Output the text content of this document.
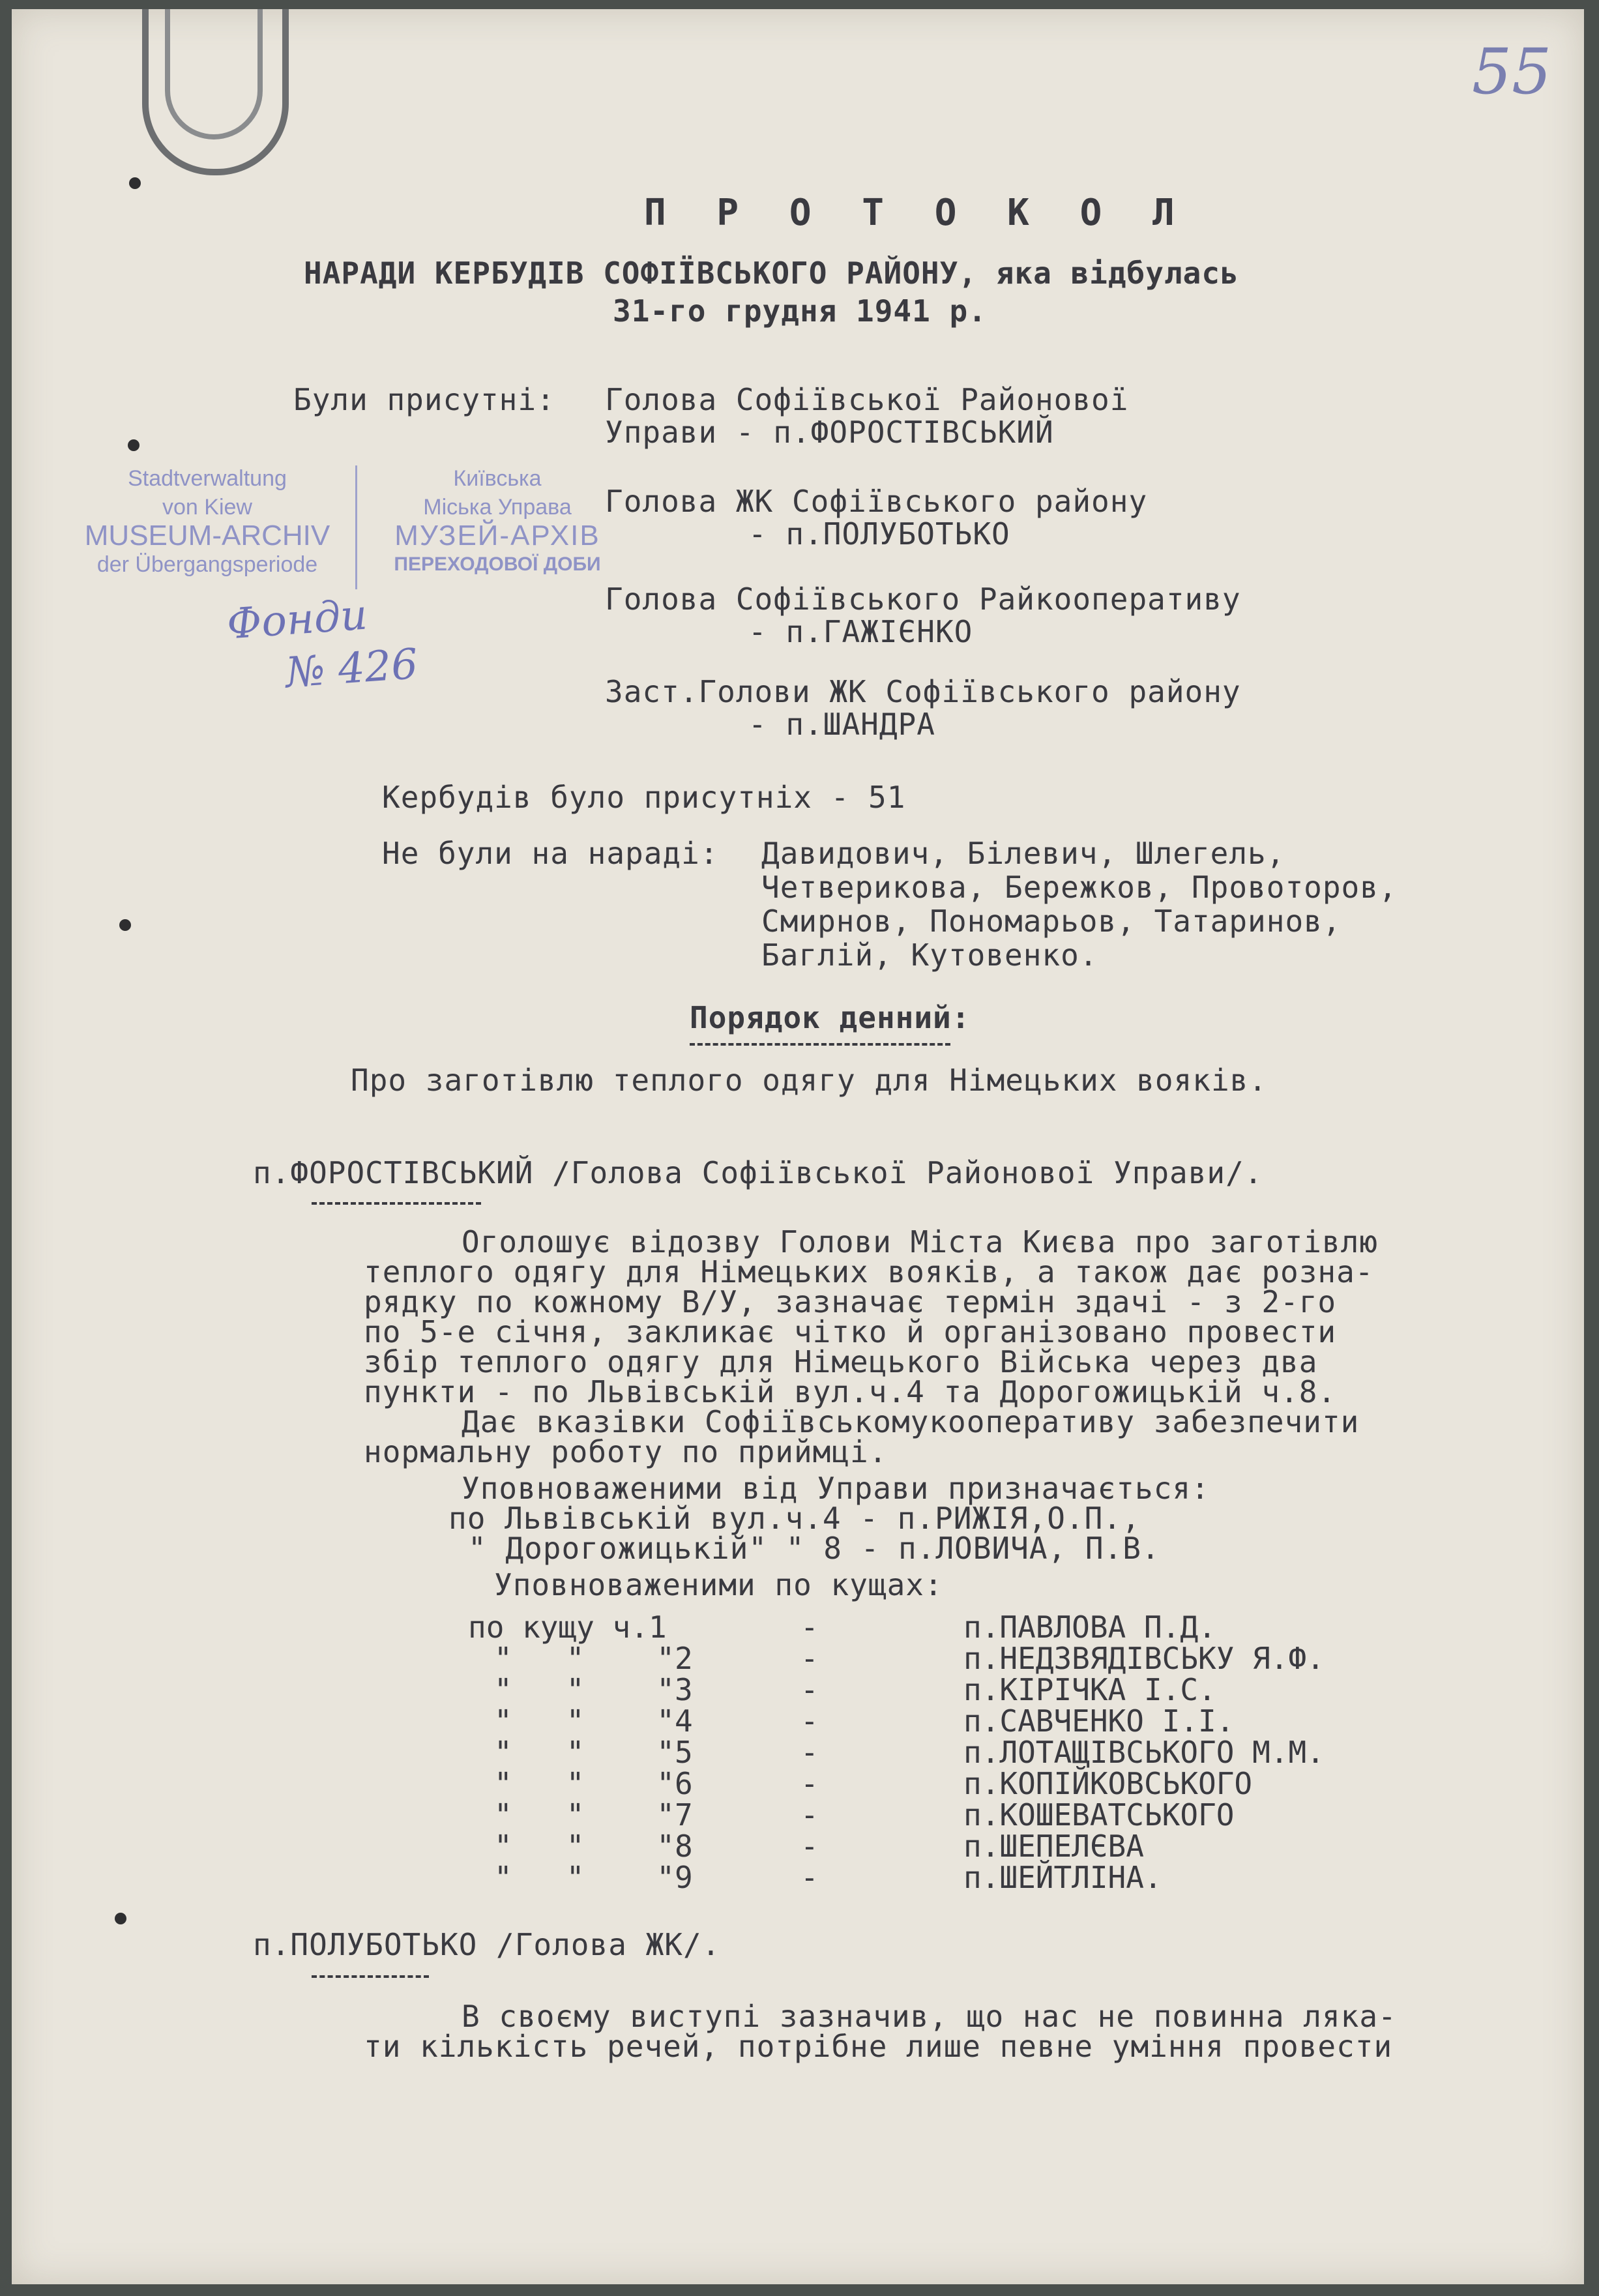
55
П Р О Т О К О Л
НАРАДИ КЕРБУДІВ СОФІЇВСЬКОГО РАЙОНУ, яка відбулась
31-го грудня 1941 р.
Були присутні: Голова Софіївської Районової
Управи - п.ФОРОСТІВСЬКИЙ
Голова ЖК Софіївського району
- п.ПОЛУБОТЬКО
Голова Софіївського Райкооперативу
- п.ГАЖІЄНКО
Заст.Голови ЖК Софіївського району
- п.ШАНДРА
Stadtverwaltung
von Kiew
MUSEUM-ARCHIV
der Übergangsperiode
Київська
Міська Управа
МУЗЕЙ-АРХІВ
ПЕРЕХОДОВОЇ ДОБИ
Фонди
№ 426
Кербудів було присутніх - 51
Не були на нараді: Давидович, Білевич, Шлегель,
Четверикова, Бережков, Провоторов,
Смирнов, Пономарьов, Татаринов,
Баглій, Кутовенко.
Порядок денний:
Про заготівлю теплого одягу для Німецьких вояків.
п.ФОРОСТІВСЬКИЙ /Голова Софіївської Районової Управи/.
Оголошує відозву Голови Міста Києва про заготівлю
теплого одягу для Німецьких вояків, а також дає розна-
рядку по кожному В/У, зазначає термін здачі - з 2-го
по 5-е січня, закликає чітко й організовано провести
збір теплого одягу для Німецького Війська через два
пункти - по Львівській вул.ч.4 та Дорогожицькій ч.8.
Дає вказівки Софіївськомукооперативу забезпечити
нормальну роботу по приймці.
Уповноваженими від Управи призначається:
по Львівській вул.ч.4 - п.РИЖІЯ,О.П.,
" Дорогожицькій" " 8 - п.ЛОВИЧА, П.В.
Уповноваженими по кущах:
по кущу ч.1	-	п.ПАВЛОВА П.Д.
"   "    "2	-	п.НЕДЗВЯДІВСЬКУ Я.Ф.
"   "    "3	-	п.КІРІЧКА І.С.
"   "    "4	-	п.САВЧЕНКО І.І.
"   "    "5	-	п.ЛОТАЩІВСЬКОГО М.М.
"   "    "6	-	п.КОПІЙКОВСЬКОГО
"   "    "7	-	п.КОШЕВАТСЬКОГО
"   "    "8	-	п.ШЕПЕЛЄВА
"   "    "9	-	п.ШЕЙТЛІНА.
п.ПОЛУБОТЬКО /Голова ЖК/.
В своєму виступі зазначив, що нас не повинна ляка-
ти кількість речей, потрібне лише певне уміння провести
